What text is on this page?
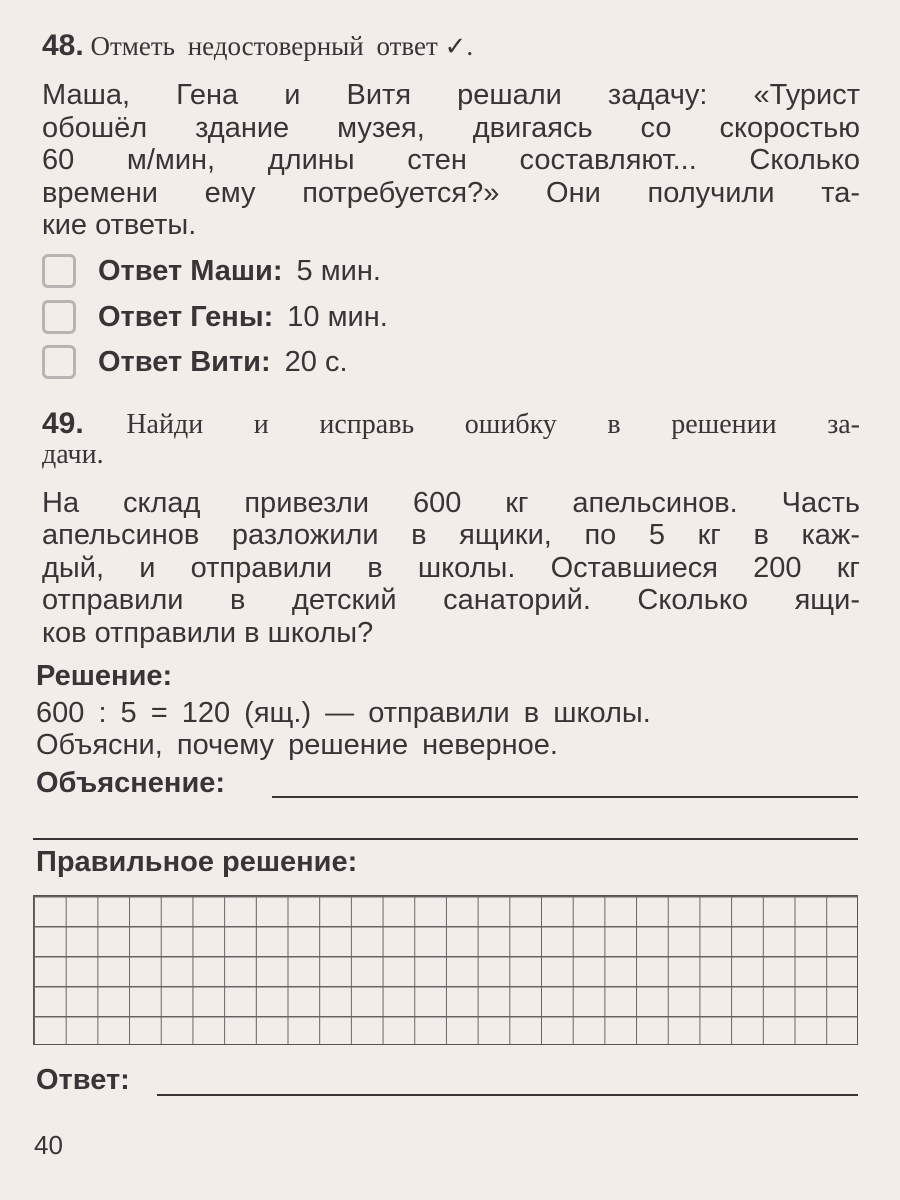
48. Отметь недостоверный ответ ✓.
Маша, Гена и Витя решали задачу: «Турист
обошёл здание музея, двигаясь со скоростью
60 м/мин, длины стен составляют... Сколько
времени ему потребуется?» Они получили та-
кие ответы.
Ответ Маши: 5 мин.
Ответ Гены: 10 мин.
Ответ Вити: 20 с.
49. Найди и исправь ошибку в решении за-
дачи.
На склад привезли 600 кг апельсинов. Часть
апельсинов разложили в ящики, по 5 кг в каж-
дый, и отправили в школы. Оставшиеся 200 кг
отправили в детский санаторий. Сколько ящи-
ков отправили в школы?
Решение:
600 : 5 = 120 (ящ.) — отправили в школы.
Объясни, почему решение неверное.
Объяснение:
Правильное решение:
Ответ:
40
